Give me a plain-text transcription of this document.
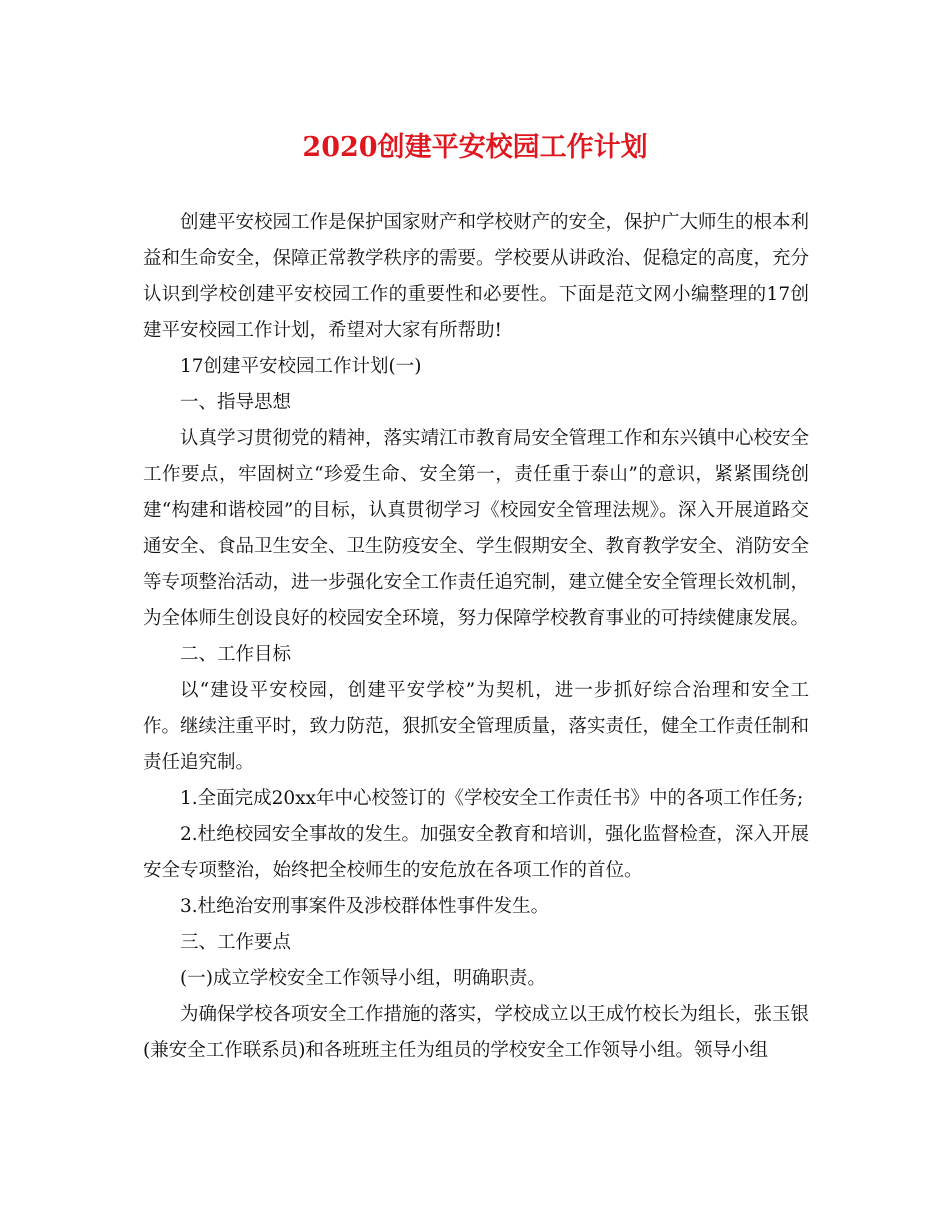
2020创建平安校园工作计划

创建平安校园工作是保护国家财产和学校财产的安全，保护广大师生的根本利益和生命安全，保障正常教学秩序的需要。学校要从讲政治、促稳定的高度，充分认识到学校创建平安校园工作的重要性和必要性。下面是范文网小编整理的17创建平安校园工作计划，希望对大家有所帮助!

17创建平安校园工作计划(一)

一、指导思想

认真学习贯彻党的精神，落实靖江市教育局安全管理工作和东兴镇中心校安全工作要点，牢固树立“珍爱生命、安全第一，责任重于泰山”的意识，紧紧围绕创建“构建和谐校园”的目标，认真贯彻学习《校园安全管理法规》。深入开展道路交通安全、食品卫生安全、卫生防疫安全、学生假期安全、教育教学安全、消防安全等专项整治活动，进一步强化安全工作责任追究制，建立健全安全管理长效机制，为全体师生创设良好的校园安全环境，努力保障学校教育事业的可持续健康发展。

二、工作目标

以“建设平安校园，创建平安学校”为契机，进一步抓好综合治理和安全工作。继续注重平时，致力防范，狠抓安全管理质量，落实责任，健全工作责任制和责任追究制。

1.全面完成20xx年中心校签订的《学校安全工作责任书》中的各项工作任务;

2.杜绝校园安全事故的发生。加强安全教育和培训，强化监督检查，深入开展安全专项整治，始终把全校师生的安危放在各项工作的首位。

3.杜绝治安刑事案件及涉校群体性事件发生。

三、工作要点

(一)成立学校安全工作领导小组，明确职责。

为确保学校各项安全工作措施的落实，学校成立以王成竹校长为组长，张玉银(兼安全工作联系员)和各班班主任为组员的学校安全工作领导小组。领导小组
